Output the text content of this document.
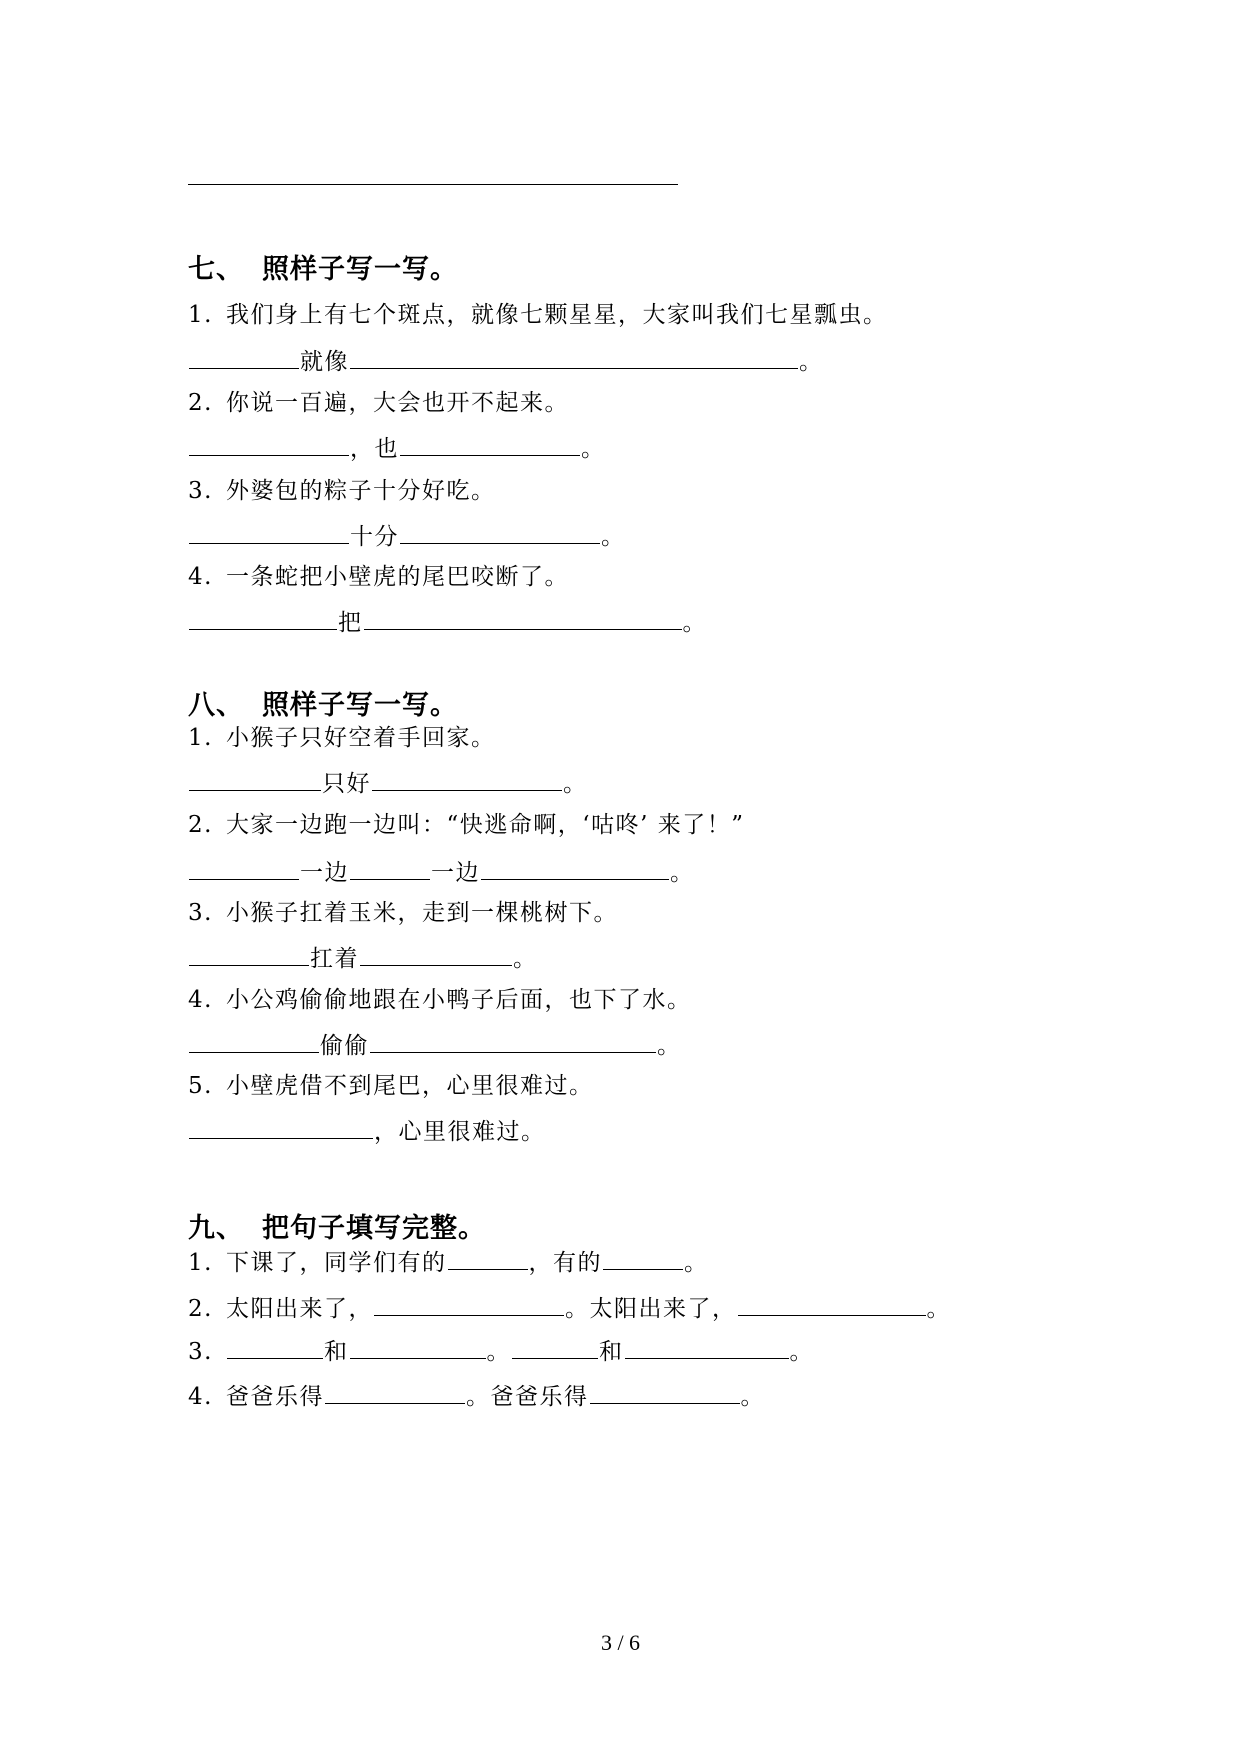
3 / 6
七、 照样子写一写。
1. 我们身上有七个斑点，就像七颗星星，大家叫我们七星瓢虫。
就像	。
2. 你说一百遍，大会也开不起来。
，也	。
3. 外婆包的粽子十分好吃。
十分	。
4. 一条蛇把小壁虎的尾巴咬断了。
把	。
八、 照样子写一写。
1. 小猴子只好空着手回家。
只好	。
2. 大家一边跑一边叫：“快逃命啊，‘咕咚’ 来了！”
一边	一边	。
3. 小猴子扛着玉米，走到一棵桃树下。
扛着	。
4. 小公鸡偷偷地跟在小鸭子后面，也下了水。
偷偷	。
5. 小壁虎借不到尾巴，心里很难过。
，心里很难过。
九、 把句子填写完整。
1. 下课了，同学们有的	，有的	。
2. 太阳出来了，	。太阳出来了，	。
3.	和	。	和	。
4. 爸爸乐得	。爸爸乐得	。
